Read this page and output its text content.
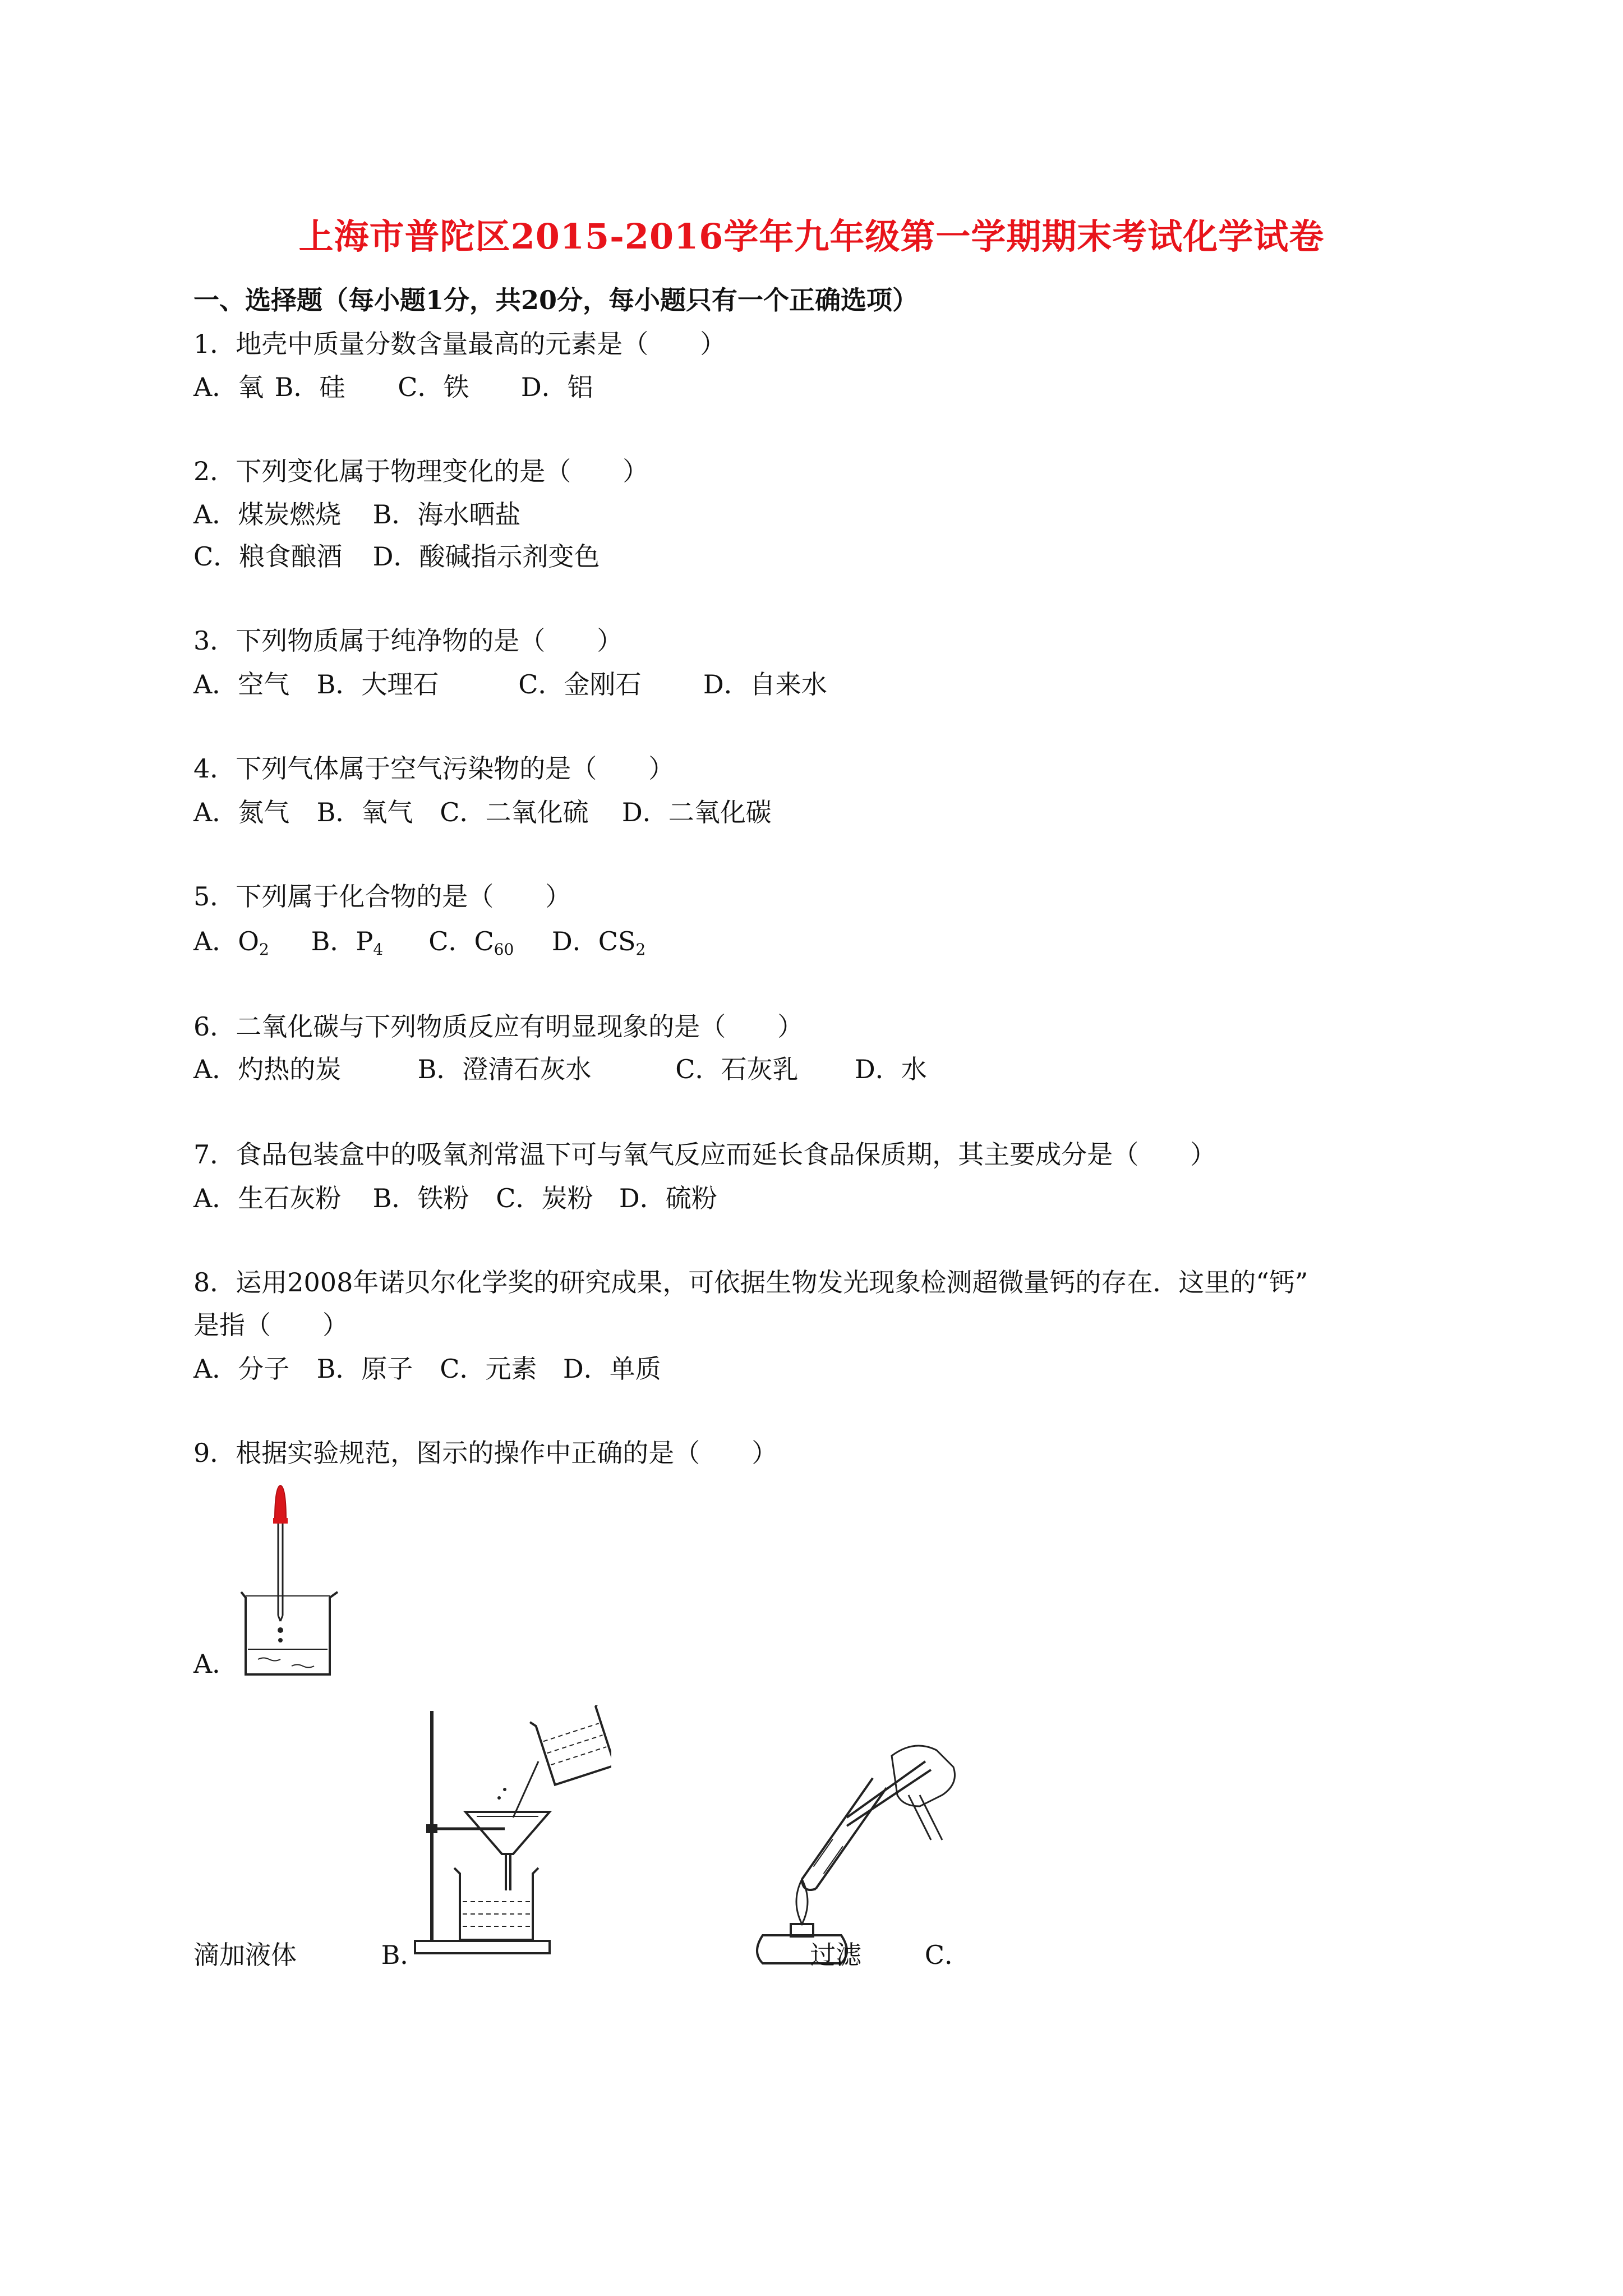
上海市普陀区2015-2016学年九年级第一学期期末考试化学试卷
一、选择题（每小题1分，共20分，每小题只有一个正确选项）
1．地壳中质量分数含量最高的元素是（　　）
A．氧 B．硅 C．铁 D．铝
2．下列变化属于物理变化的是（　　）
A．煤炭燃烧 B．海水晒盐
C．粮食酿酒 D．酸碱指示剂变色
3．下列物质属于纯净物的是（　　）
A．空气 B．大理石	C．金刚石 D．自来水
4．下列气体属于空气污染物的是（　　）
A．氮气 B．氧气 C．二氧化硫 D．二氧化碳
5．下列属于化合物的是（　　）
A．$O_2$ B．$P_4$ C．$C_{60}$ D．$CS_2$
6．二氧化碳与下列物质反应有明显现象的是（　　）
A．灼热的炭	B．澄清石灰水	C．石灰乳 D．水
7．食品包装盒中的吸氧剂常温下可与氧气反应而延长食品保质期，其主要成分是（　　）
A．生石灰粉 B．铁粉 C．炭粉 D．硫粉
8．运用2008年诺贝尔化学奖的研究成果，可依据生物发光现象检测超微量钙的存在．这里的“钙”
是指（　　）
A．分子 B．原子 C．元素 D．单质
9．根据实验规范，图示的操作中正确的是（　　）
A．
滴加液体	B．	过滤 C．
